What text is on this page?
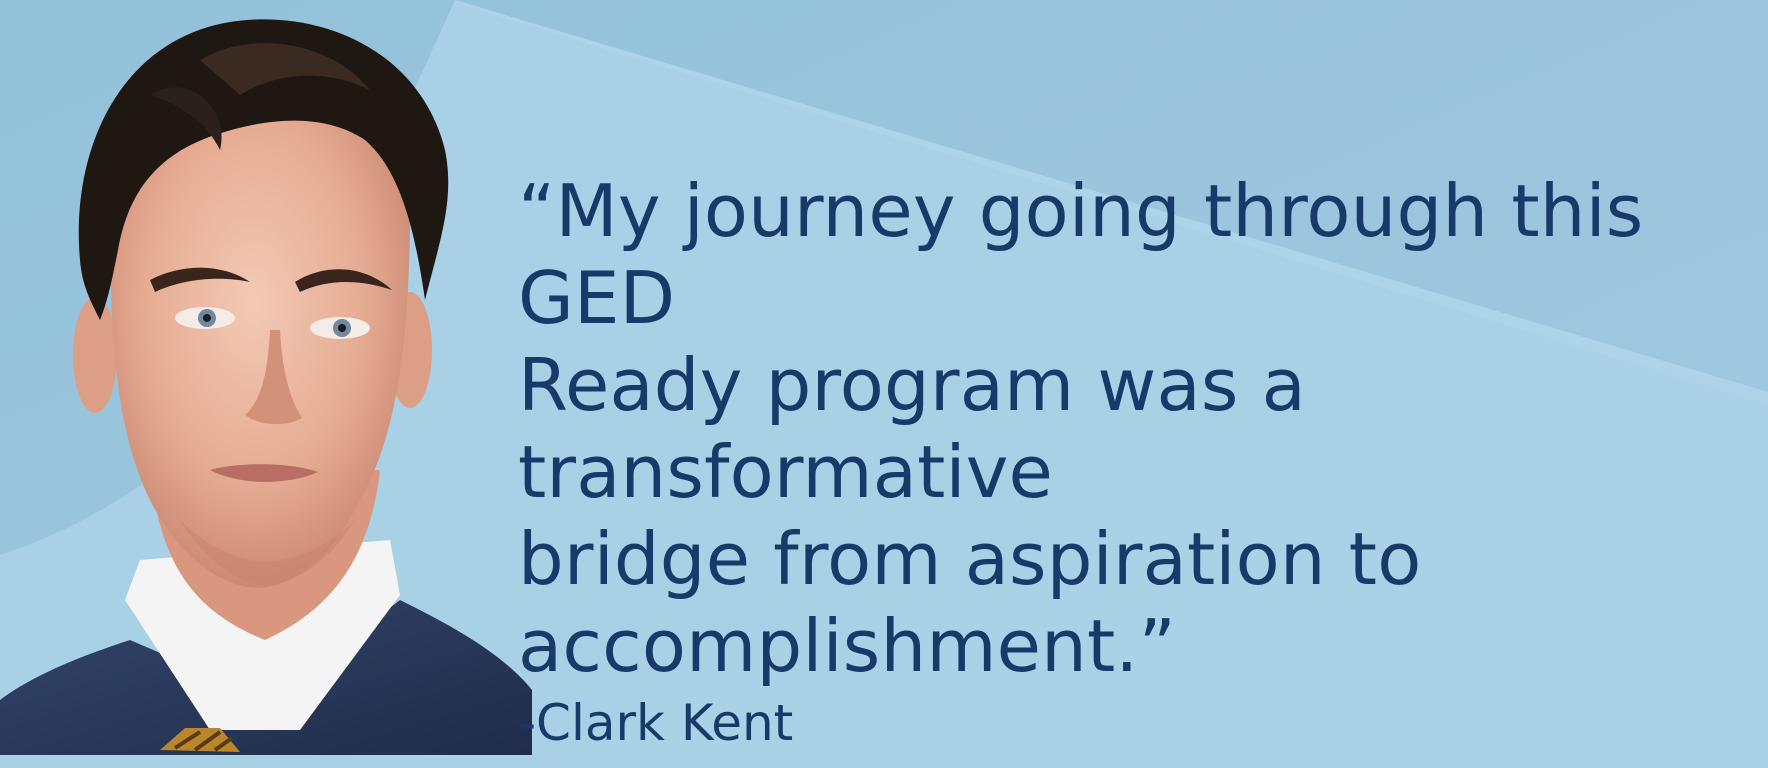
“My journey going through this GED
Ready program was a transformative
bridge from aspiration to
accomplishment.”

-Clark Kent
